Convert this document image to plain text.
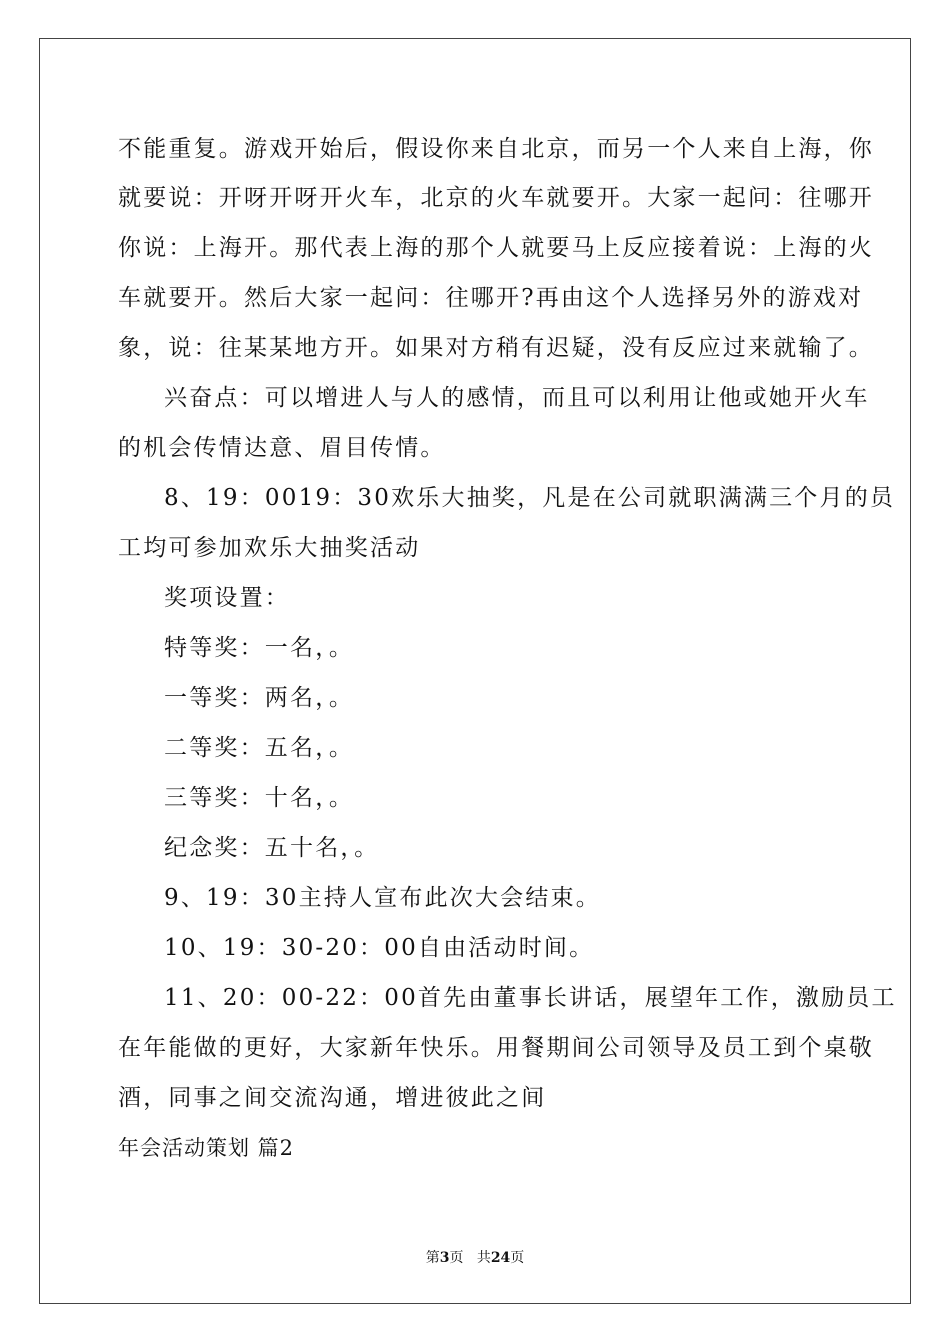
不能重复。游戏开始后，假设你来自北京，而另一个人来自上海，你
就要说：开呀开呀开火车，北京的火车就要开。大家一起问：往哪开
你说：上海开。那代表上海的那个人就要马上反应接着说：上海的火
车就要开。然后大家一起问：往哪开?再由这个人选择另外的游戏对
象，说：往某某地方开。如果对方稍有迟疑，没有反应过来就输了。
兴奋点：可以增进人与人的感情，而且可以利用让他或她开火车
的机会传情达意、眉目传情。
8、19：0019：30欢乐大抽奖，凡是在公司就职满满三个月的员
工均可参加欢乐大抽奖活动
奖项设置：
特等奖：一名，。
一等奖：两名，。
二等奖：五名，。
三等奖：十名，。
纪念奖：五十名，。
9、19：30主持人宣布此次大会结束。
10、19：30-20：00自由活动时间。
11、20：00-22：00首先由董事长讲话，展望年工作，激励员工
在年能做的更好，大家新年快乐。用餐期间公司领导及员工到个桌敬
酒，同事之间交流沟通，增进彼此之间
年会活动策划 篇2
第3页 共24页
